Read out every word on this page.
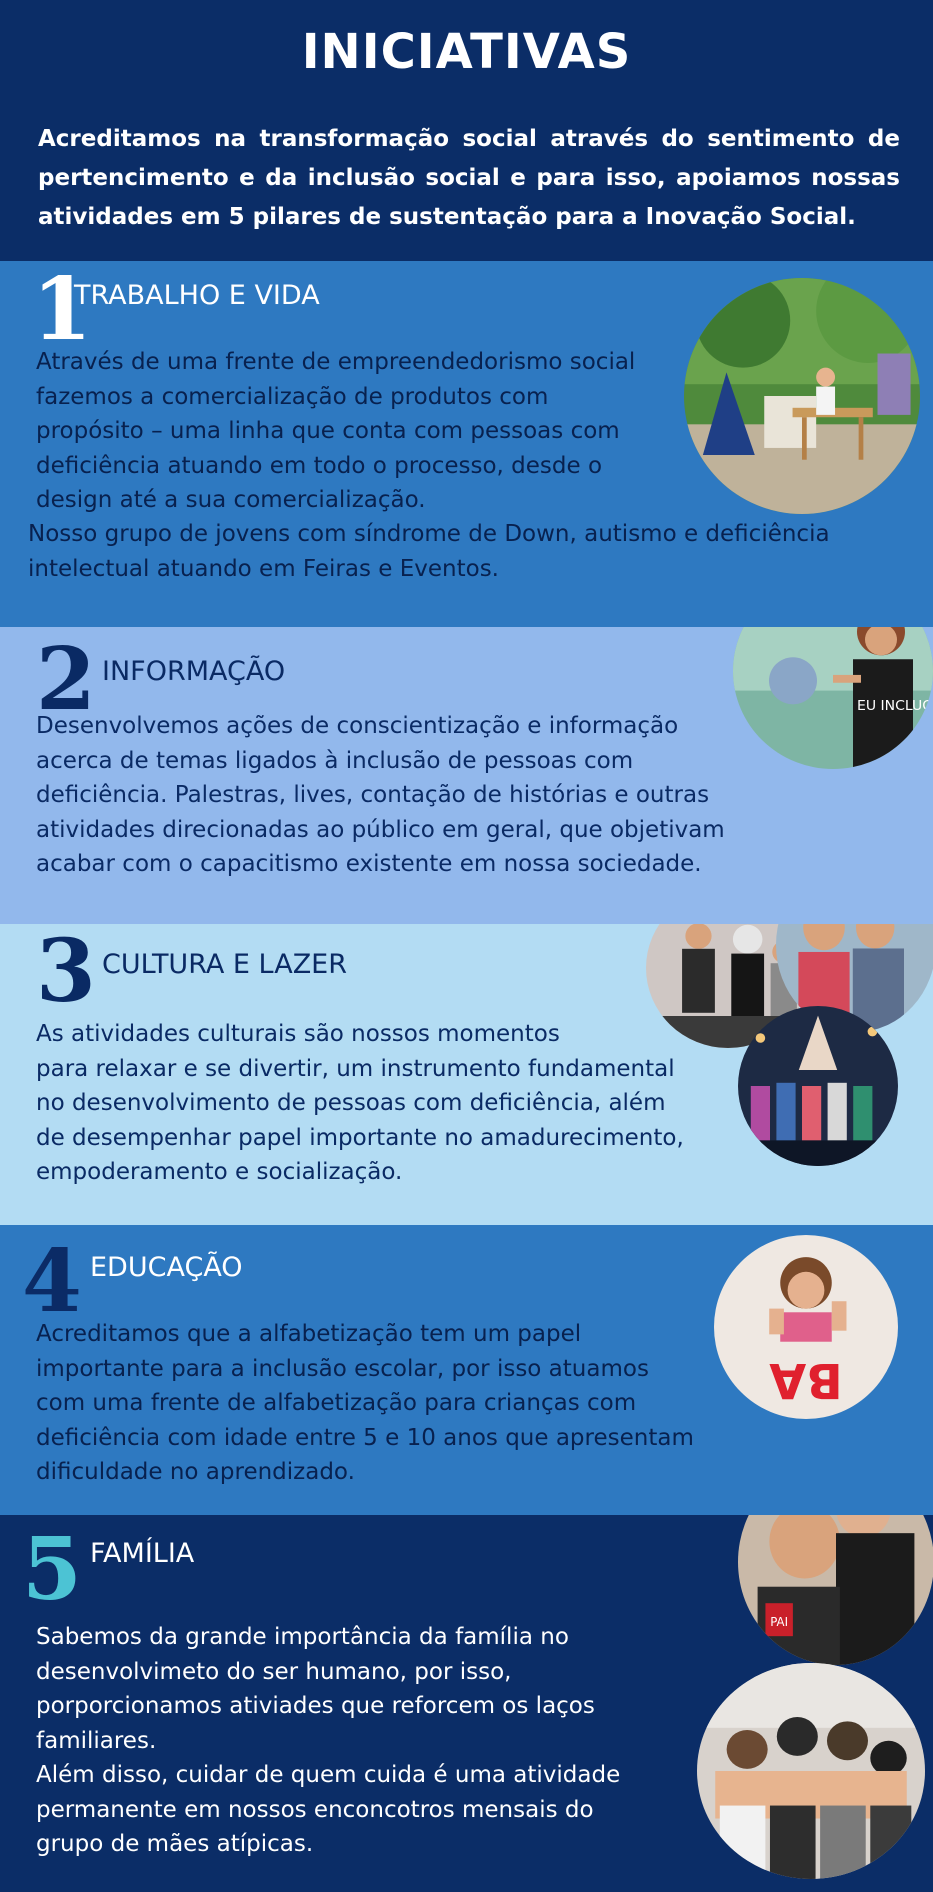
INICIATIVAS

Acreditamos na transformação social através do sentimento de pertencimento e da inclusão social e para isso, apoiamos nossas atividades em 5 pilares de sustentação para a Inovação Social.

1
TRABALHO E VIDA

Através de uma frente de empreendedorismo social
fazemos a comercialização de produtos com
propósito – uma linha que conta com pessoas com
deficiência atuando em todo o processo, desde o
design até a sua comercialização.

Nosso grupo de jovens com síndrome de Down, autismo e deficiência
intelectual atuando em Feiras e Eventos.

2 INFORMAÇÃO

Desenvolvemos ações de conscientização e informação
acerca de temas ligados à inclusão de pessoas com
deficiência. Palestras, lives, contação de histórias e outras
atividades direcionadas ao público em geral, que objetivam
acabar com o capacitismo existente em nossa sociedade.

EU INCLUO
3 CULTURA E LAZER

As atividades culturais são nossos momentos
para relaxar e se divertir, um instrumento fundamental
no desenvolvimento de pessoas com deficiência, além
de desempenhar papel importante no amadurecimento,
empoderamento e socialização.

4 EDUCAÇÃO

Acreditamos que a alfabetização tem um papel
importante para a inclusão escolar, por isso atuamos
com uma frente de alfabetização para crianças com
deficiência com idade entre 5 e 10 anos que apresentam
dificuldade no aprendizado.

BA
5 FAMÍLIA

Sabemos da grande importância da família no
desenvolvimeto do ser humano, por isso,
porporcionamos ativiades que reforcem os laços
familiares.
Além disso, cuidar de quem cuida é uma atividade
permanente em nossos enconcotros mensais do
grupo de mães atípicas.

PAI
